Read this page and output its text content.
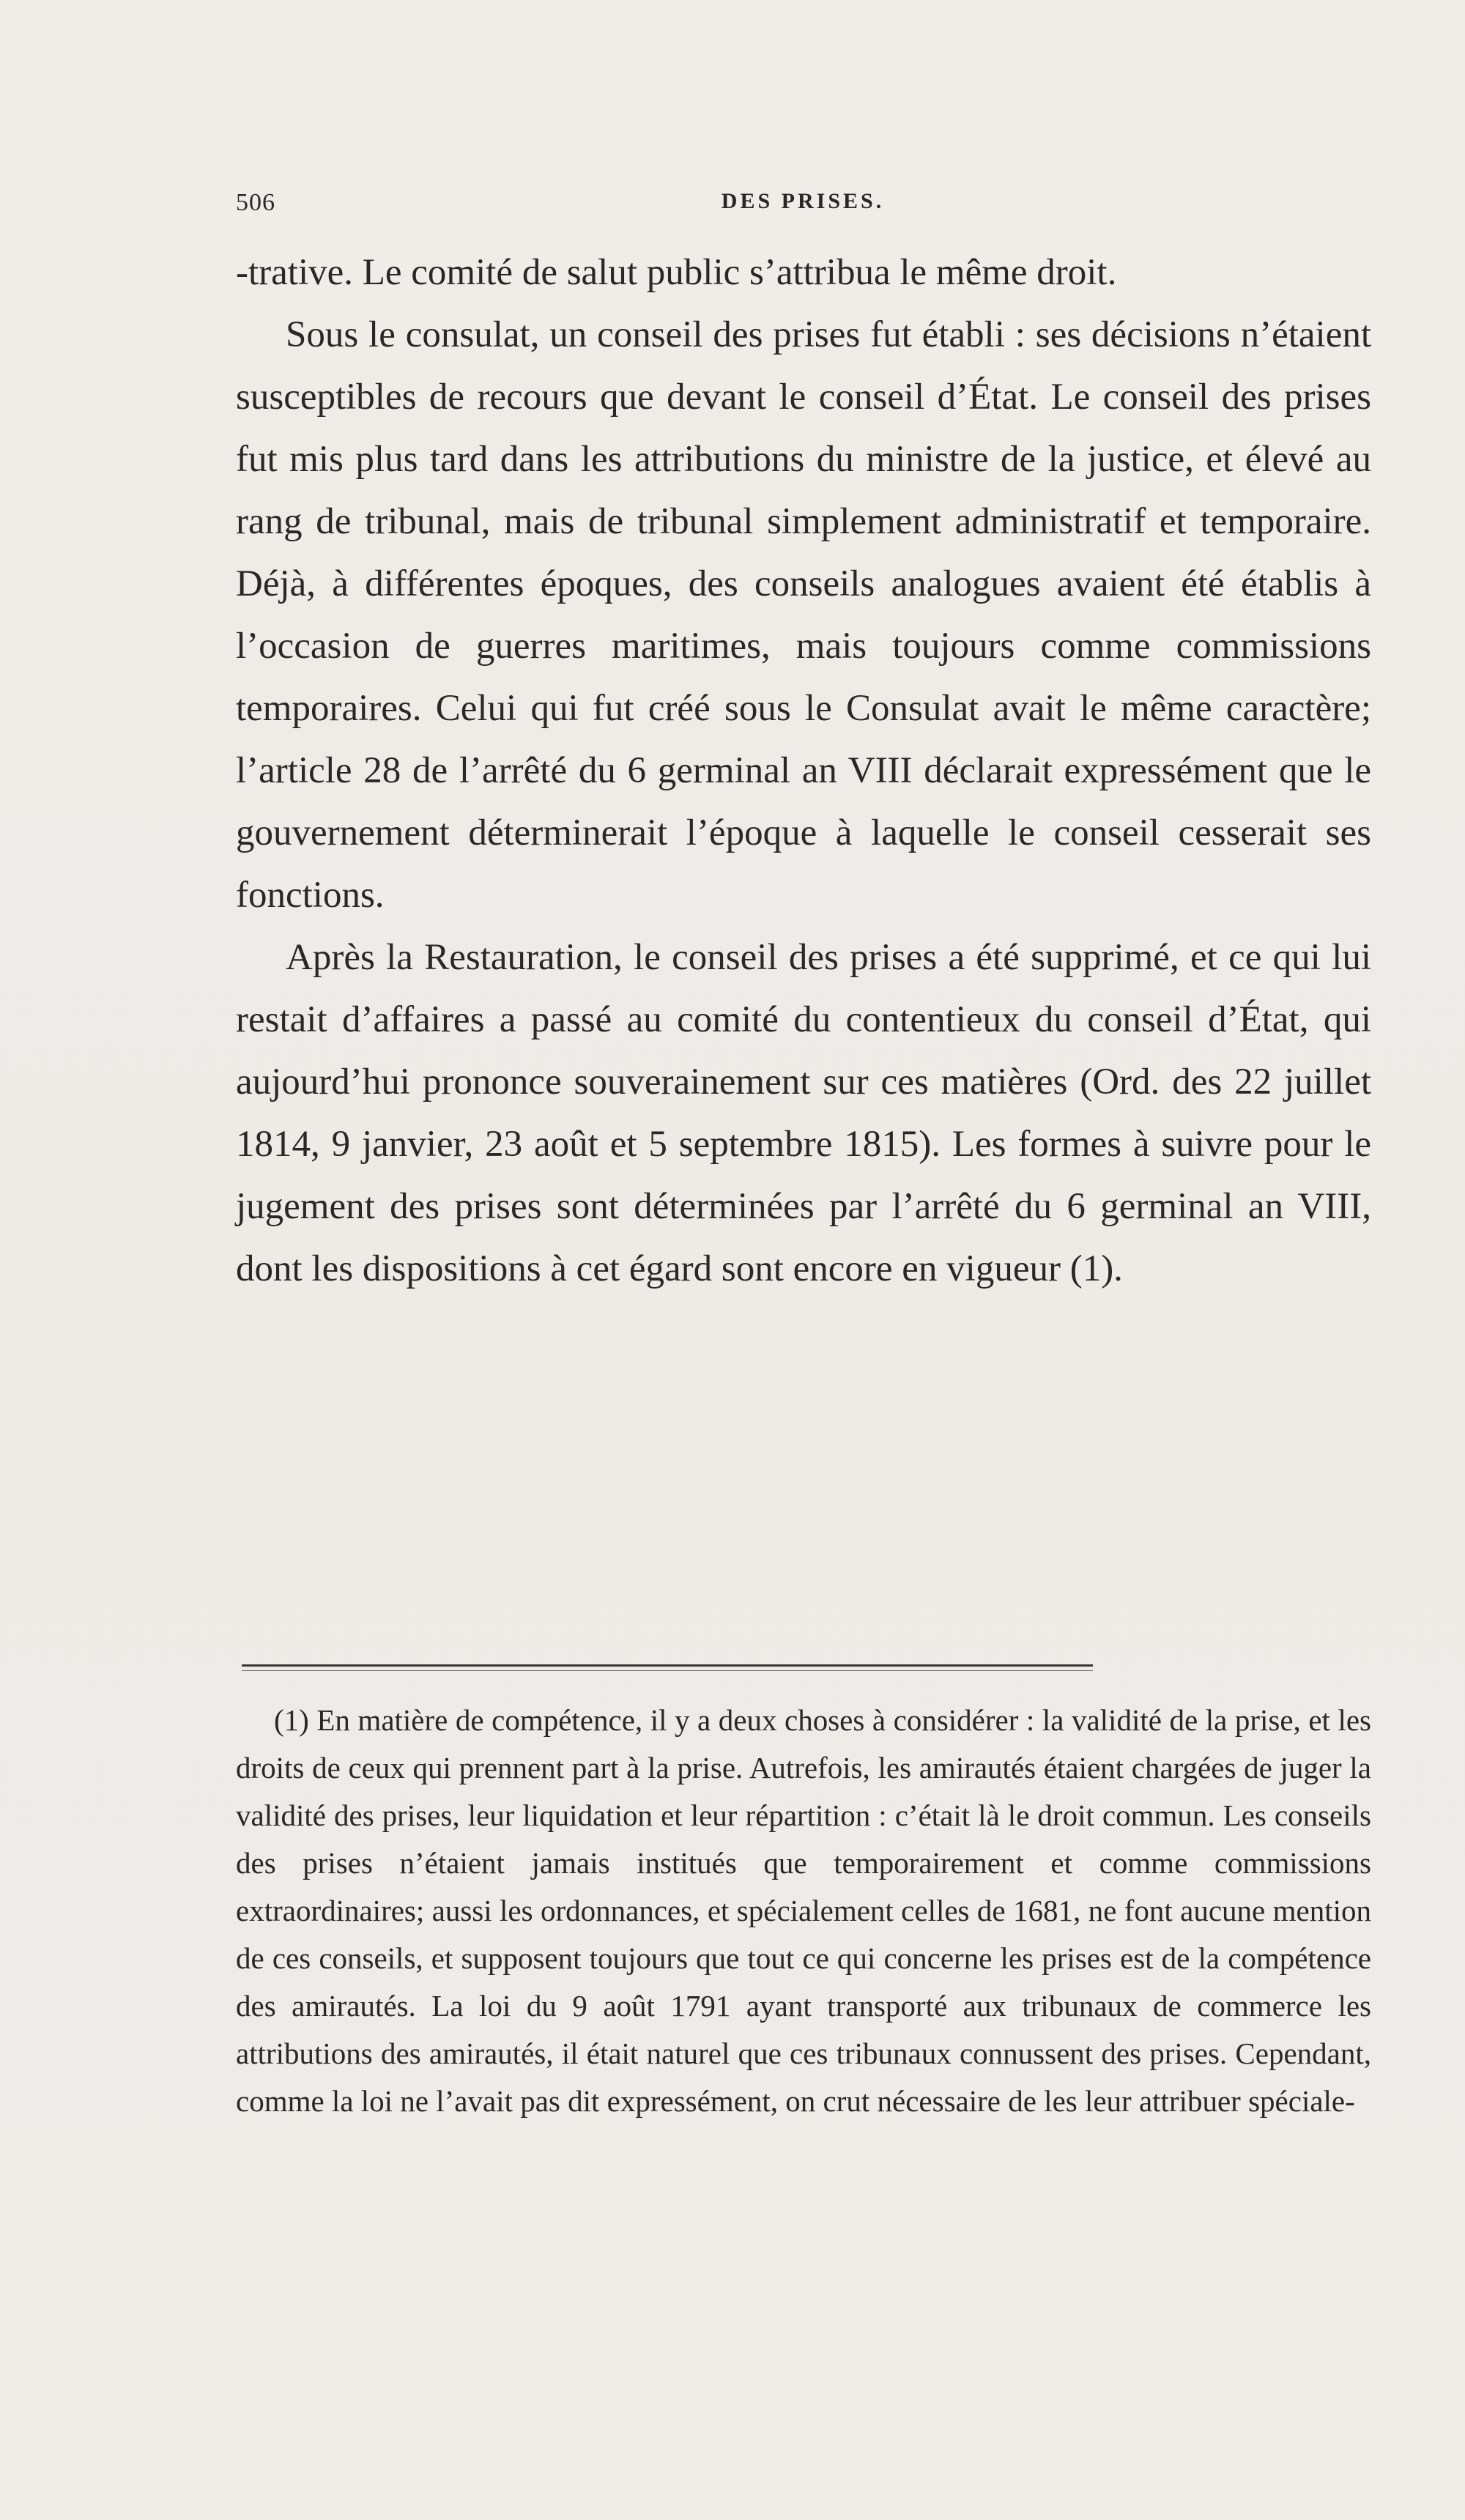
506	DES PRISES.

-trative. Le comité de salut public s’attribua le même droit.

Sous le consulat, un conseil des prises fut établi : ses décisions n’étaient susceptibles de recours que devant le conseil d’État. Le conseil des prises fut mis plus tard dans les attributions du ministre de la justice, et élevé au rang de tribunal, mais de tribunal simplement administratif et temporaire. Déjà, à différentes époques, des conseils analogues avaient été établis à l’occasion de guerres maritimes, mais toujours comme commissions temporaires. Celui qui fut créé sous le Consulat avait le même caractère; l’article 28 de l’arrêté du 6 germinal an VIII déclarait expressément que le gouvernement déterminerait l’époque à laquelle le conseil cesserait ses fonctions.

Après la Restauration, le conseil des prises a été supprimé, et ce qui lui restait d’affaires a passé au comité du contentieux du conseil d’État, qui aujourd’hui prononce souverainement sur ces matières (Ord. des 22 juillet 1814, 9 janvier, 23 août et 5 septembre 1815). Les formes à suivre pour le jugement des prises sont déterminées par l’arrêté du 6 germinal an VIII, dont les dispositions à cet égard sont encore en vigueur (1).

(1) En matière de compétence, il y a deux choses à considérer : la validité de la prise, et les droits de ceux qui prennent part à la prise. Autrefois, les amirautés étaient chargées de juger la validité des prises, leur liquidation et leur répartition : c’était là le droit commun. Les conseils des prises n’étaient jamais institués que temporairement et comme commissions extraordinaires; aussi les ordonnances, et spécialement celles de 1681, ne font aucune mention de ces conseils, et supposent toujours que tout ce qui concerne les prises est de la compétence des amirautés. La loi du 9 août 1791 ayant transporté aux tribunaux de commerce les attributions des amirautés, il était naturel que ces tribunaux connussent des prises. Cependant, comme la loi ne l’avait pas dit expressément, on crut nécessaire de les leur attribuer spéciale-
